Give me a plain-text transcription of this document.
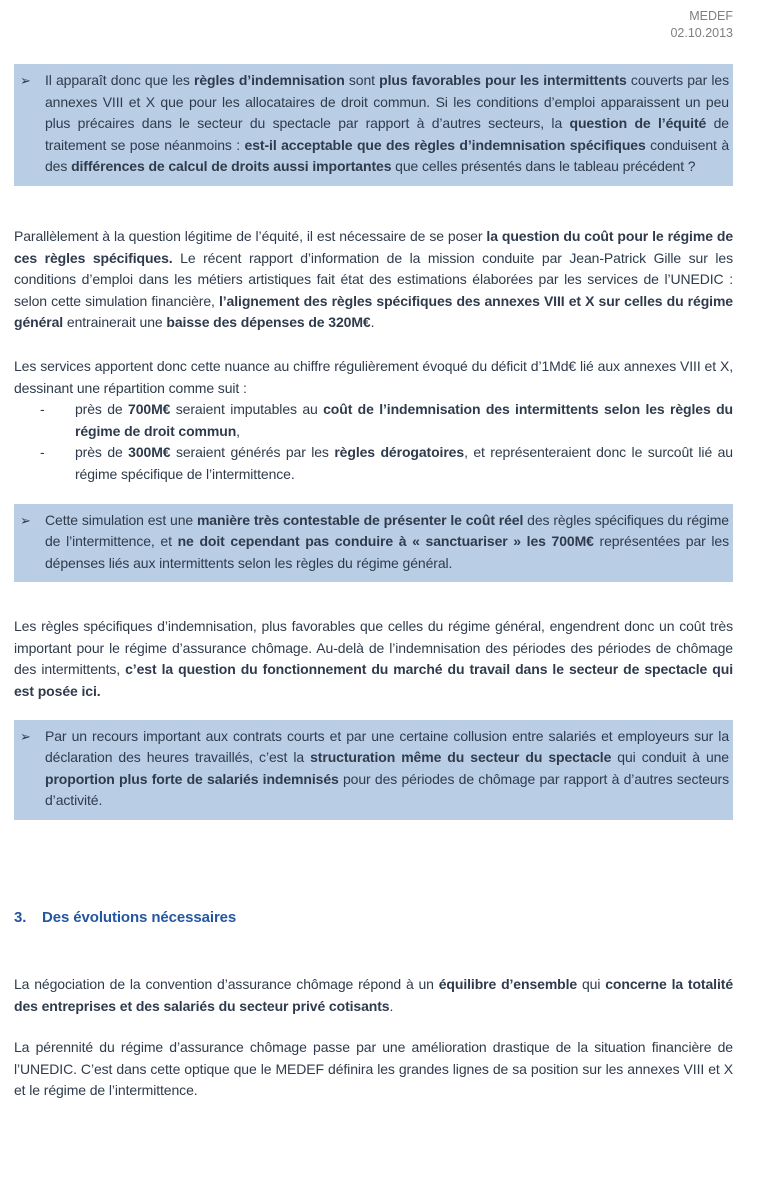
MEDEF
02.10.2013
➢	Il apparaît donc que les règles d’indemnisation sont plus favorables pour les intermittents couverts par les annexes VIII et X que pour les allocataires de droit commun. Si les conditions d’emploi apparaissent un peu plus précaires dans le secteur du spectacle par rapport à d’autres secteurs, la question de l’équité de traitement se pose néanmoins : est-il acceptable que des règles d’indemnisation spécifiques conduisent à des différences de calcul de droits aussi importantes que celles présentés dans le tableau précédent ?

Parallèlement à la question légitime de l’équité, il est nécessaire de se poser la question du coût pour le régime de ces règles spécifiques. Le récent rapport d’information de la mission conduite par Jean-Patrick Gille sur les conditions d’emploi dans les métiers artistiques fait état des estimations élaborées par les services de l’UNEDIC : selon cette simulation financière, l’alignement des règles spécifiques des annexes VIII et X sur celles du régime général entrainerait une baisse des dépenses de 320M€.

Les services apportent donc cette nuance au chiffre régulièrement évoqué du déficit d’1Md€ lié aux annexes VIII et X, dessinant une répartition comme suit :

-	près de 700M€ seraient imputables au coût de l’indemnisation des intermittents selon les règles du régime de droit commun,
-	près de 300M€ seraient générés par les règles dérogatoires, et représenteraient donc le surcoût lié au régime spécifique de l’intermittence.
➢	Cette simulation est une manière très contestable de présenter le coût réel des règles spécifiques du régime de l’intermittence, et ne doit cependant pas conduire à « sanctuariser » les 700M€ représentées par les dépenses liés aux intermittents selon les règles du régime général.

Les règles spécifiques d’indemnisation, plus favorables que celles du régime général, engendrent donc un coût très important pour le régime d’assurance chômage. Au-delà de l’indemnisation des périodes des périodes de chômage des intermittents, c’est la question du fonctionnement du marché du travail dans le secteur de spectacle qui est posée ici.

➢	Par un recours important aux contrats courts et par une certaine collusion entre salariés et employeurs sur la déclaration des heures travaillés, c’est la structuration même du secteur du spectacle qui conduit à une proportion plus forte de salariés indemnisés pour des périodes de chômage par rapport à d’autres secteurs d’activité.
3.	Des évolutions nécessaires

La négociation de la convention d’assurance chômage répond à un équilibre d’ensemble qui concerne la totalité des entreprises et des salariés du secteur privé cotisants.

La pérennité du régime d’assurance chômage passe par une amélioration drastique de la situation financière de l’UNEDIC. C’est dans cette optique que le MEDEF définira les grandes lignes de sa position sur les annexes VIII et X et le régime de l’intermittence.
